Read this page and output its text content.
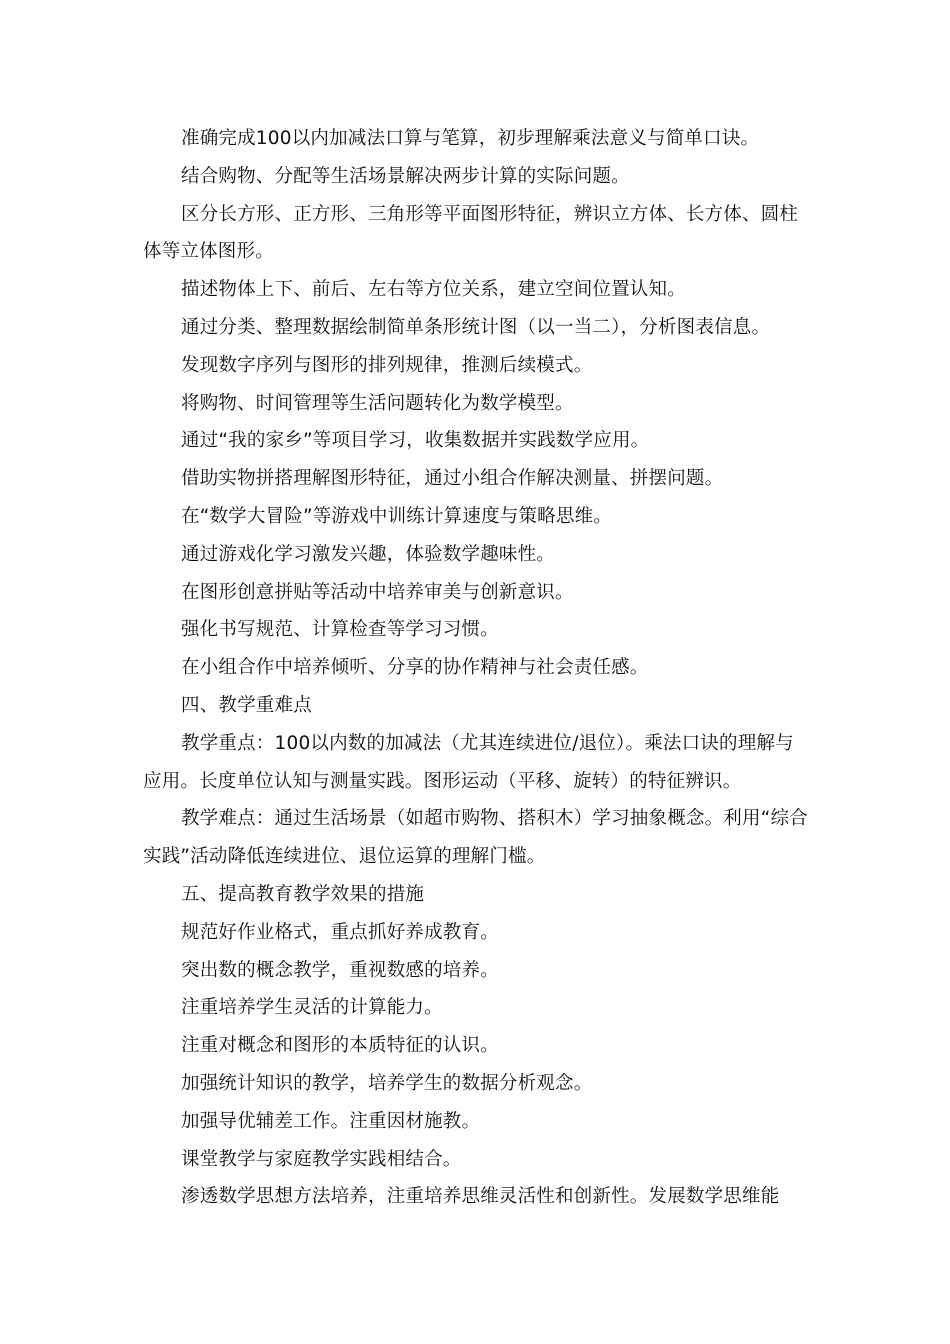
准确完成100以内加减法口算与笔算，初步理解乘法意义与简单口诀。

结合购物、分配等生活场景解决两步计算的实际问题。

区分长方形、正方形、三角形等平面图形特征，辨识立方体、长方体、圆柱体等立体图形。

描述物体上下、前后、左右等方位关系，建立空间位置认知。

通过分类、整理数据绘制简单条形统计图（以一当二），分析图表信息。

发现数字序列与图形的排列规律，推测后续模式。

将购物、时间管理等生活问题转化为数学模型。

通过“我的家乡”等项目学习，收集数据并实践数学应用。

借助实物拼搭理解图形特征，通过小组合作解决测量、拼摆问题。

在“数学大冒险”等游戏中训练计算速度与策略思维。

通过游戏化学习激发兴趣，体验数学趣味性。

在图形创意拼贴等活动中培养审美与创新意识。

强化书写规范、计算检查等学习习惯。

在小组合作中培养倾听、分享的协作精神与社会责任感。

四、教学重难点

教学重点：100以内数的加减法（尤其连续进位/退位）。乘法口诀的理解与应用。长度单位认知与测量实践。图形运动（平移、旋转）的特征辨识。

教学难点：通过生活场景（如超市购物、搭积木）学习抽象概念。利用“综合实践”活动降低连续进位、退位运算的理解门槛。

五、提高教育教学效果的措施

规范好作业格式，重点抓好养成教育。

突出数的概念教学，重视数感的培养。

注重培养学生灵活的计算能力。

注重对概念和图形的本质特征的认识。

加强统计知识的教学，培养学生的数据分析观念。

加强导优辅差工作。注重因材施教。

课堂教学与家庭教学实践相结合。

渗透数学思想方法培养，注重培养思维灵活性和创新性。发展数学思维能
